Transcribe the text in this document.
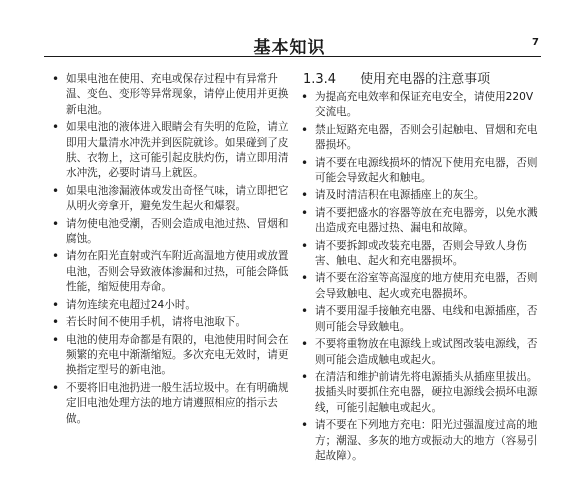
基本知识	7
• 如果电池在使用、充电或保存过程中有异常升温、变色、变形等异常现象，请停止使用并更换新电池。
• 如果电池的液体进入眼睛会有失明的危险，请立即用大量清水冲洗并到医院就诊。如果碰到了皮肤、衣物上，这可能引起皮肤灼伤，请立即用清水冲洗，必要时请马上就医。
• 如果电池渗漏液体或发出奇怪气味，请立即把它从明火旁拿开，避免发生起火和爆裂。
• 请勿使电池受潮，否则会造成电池过热、冒烟和腐蚀。
• 请勿在阳光直射或汽车附近高温地方使用或放置电池，否则会导致液体渗漏和过热，可能会降低性能，缩短使用寿命。
• 请勿连续充电超过24小时。
• 若长时间不使用手机，请将电池取下。
• 电池的使用寿命都是有限的，电池使用时间会在频繁的充电中渐渐缩短。多次充电无效时，请更换指定型号的新电池。
• 不要将旧电池扔进一般生活垃圾中。在有明确规定旧电池处理方法的地方请遵照相应的指示去做。
1.3.4 使用充电器的注意事项
• 为提高充电效率和保证充电安全，请使用220V 交流电。
• 禁止短路充电器，否则会引起触电、冒烟和充电器损坏。
• 请不要在电源线损坏的情况下使用充电器，否则可能会导致起火和触电。
• 请及时清洁积在电源插座上的灰尘。
• 请不要把盛水的容器等放在充电器旁，以免水溅出造成充电器过热、漏电和故障。
• 请不要拆卸或改装充电器，否则会导致人身伤害、触电、起火和充电器损坏。
• 请不要在浴室等高湿度的地方使用充电器，否则会导致触电、起火或充电器损坏。
• 请不要用湿手接触充电器、电线和电源插座，否则可能会导致触电。
• 不要将重物放在电源线上或试图改装电源线，否则可能会造成触电或起火。
• 在清洁和维护前请先将电源插头从插座里拔出。拔插头时要抓住充电器，硬拉电源线会损坏电源线，可能引起触电或起火。
• 请不要在下列地方充电：阳光过强温度过高的地方；潮湿、多灰的地方或振动大的地方（容易引起故障）。
